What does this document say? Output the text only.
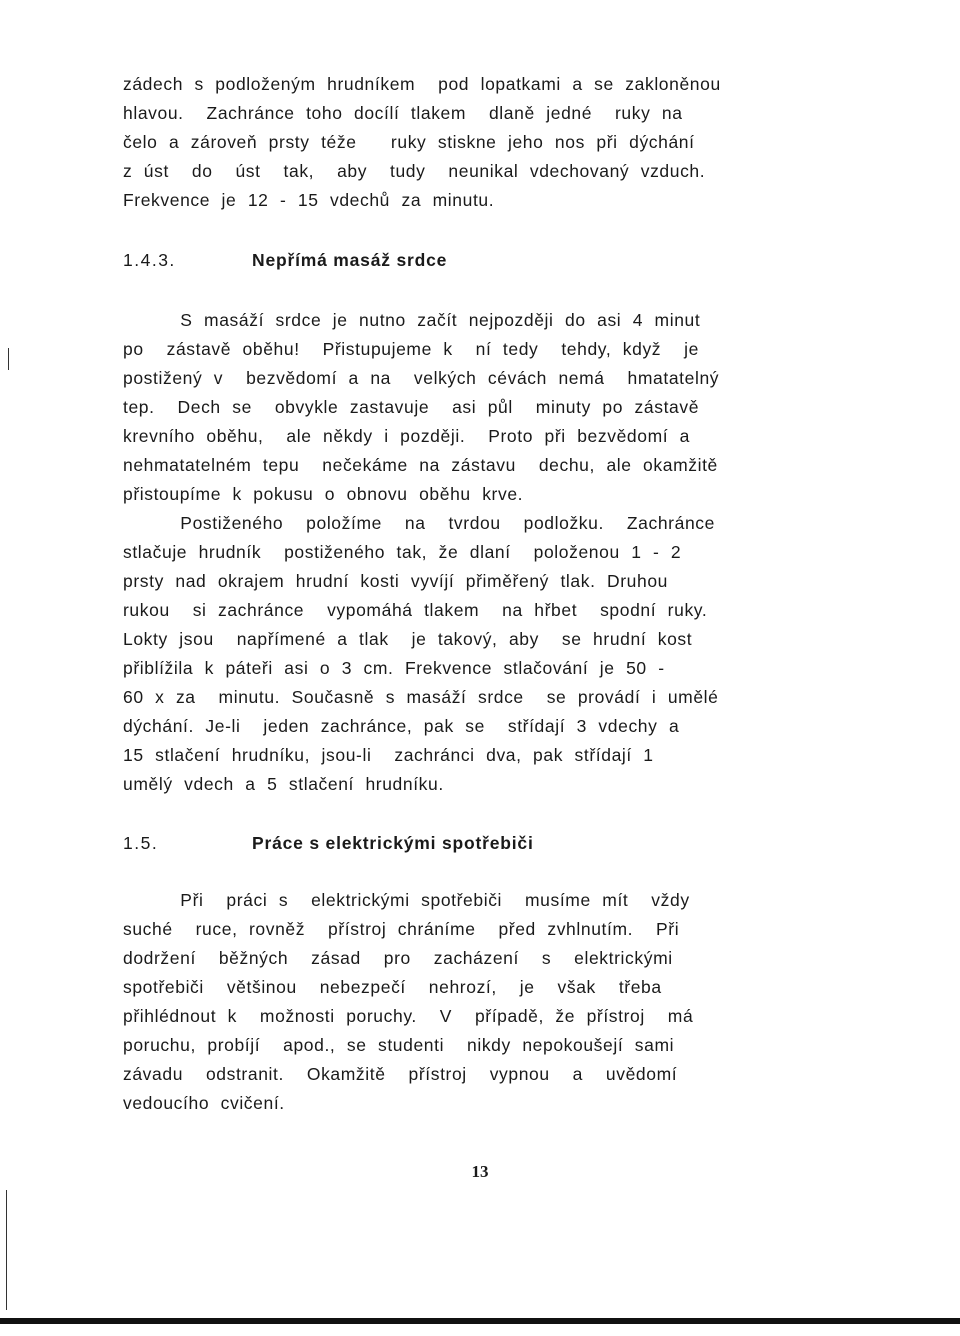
zádech s podloženým hrudníkem  pod lopatkami a se zakloněnou
hlavou.  Zachránce toho docílí tlakem  dlaně jedné  ruky na
čelo a zároveň prsty téže   ruky stiskne jeho nos při dýchání
z úst  do  úst  tak,  aby  tudy  neunikal vdechovaný vzduch.
Frekvence je 12 - 15 vdechů za minutu.
1.4.3.	Nepřímá masáž srdce
S masáží srdce je nutno začít nejpozději do asi 4 minut
po  zástavě oběhu!  Přistupujeme k  ní tedy  tehdy, když  je
postižený v  bezvědomí a na  velkých cévách nemá  hmatatelný
tep.  Dech se  obvykle zastavuje  asi půl  minuty po zástavě
krevního oběhu,  ale někdy i později.  Proto při bezvědomí a
nehmatatelném tepu  nečekáme na zástavu  dechu, ale okamžitě
přistoupíme k pokusu o obnovu oběhu krve.
Postiženého  položíme  na  tvrdou  podložku.  Zachránce
stlačuje hrudník  postiženého tak, že dlaní  položenou 1 - 2
prsty nad okrajem hrudní kosti vyvíjí přiměřený tlak. Druhou
rukou  si zachránce  vypomáhá tlakem  na hřbet  spodní ruky.
Lokty jsou  napřímené a tlak  je takový, aby  se hrudní kost
přiblížila k páteři asi o 3 cm. Frekvence stlačování je 50 -
60 x za  minutu. Současně s masáží srdce  se provádí i umělé
dýchání. Je-li  jeden zachránce, pak se  střídají 3 vdechy a
15 stlačení hrudníku, jsou-li  zachránci dva, pak střídají 1
umělý vdech a 5 stlačení hrudníku.
1.5.	Práce s elektrickými spotřebiči
Při  práci s  elektrickými spotřebiči  musíme mít  vždy
suché  ruce, rovněž  přístroj chráníme  před zvhlnutím.  Při
dodržení  běžných  zásad  pro  zacházení  s  elektrickými
spotřebiči  většinou  nebezpečí  nehrozí,  je  však  třeba
přihlédnout k  možnosti poruchy.  V  případě, že přístroj  má
poruchu, probíjí  apod., se studenti  nikdy nepokoušejí sami
závadu  odstranit.  Okamžitě  přístroj  vypnou  a  uvědomí
vedoucího cvičení.
13
